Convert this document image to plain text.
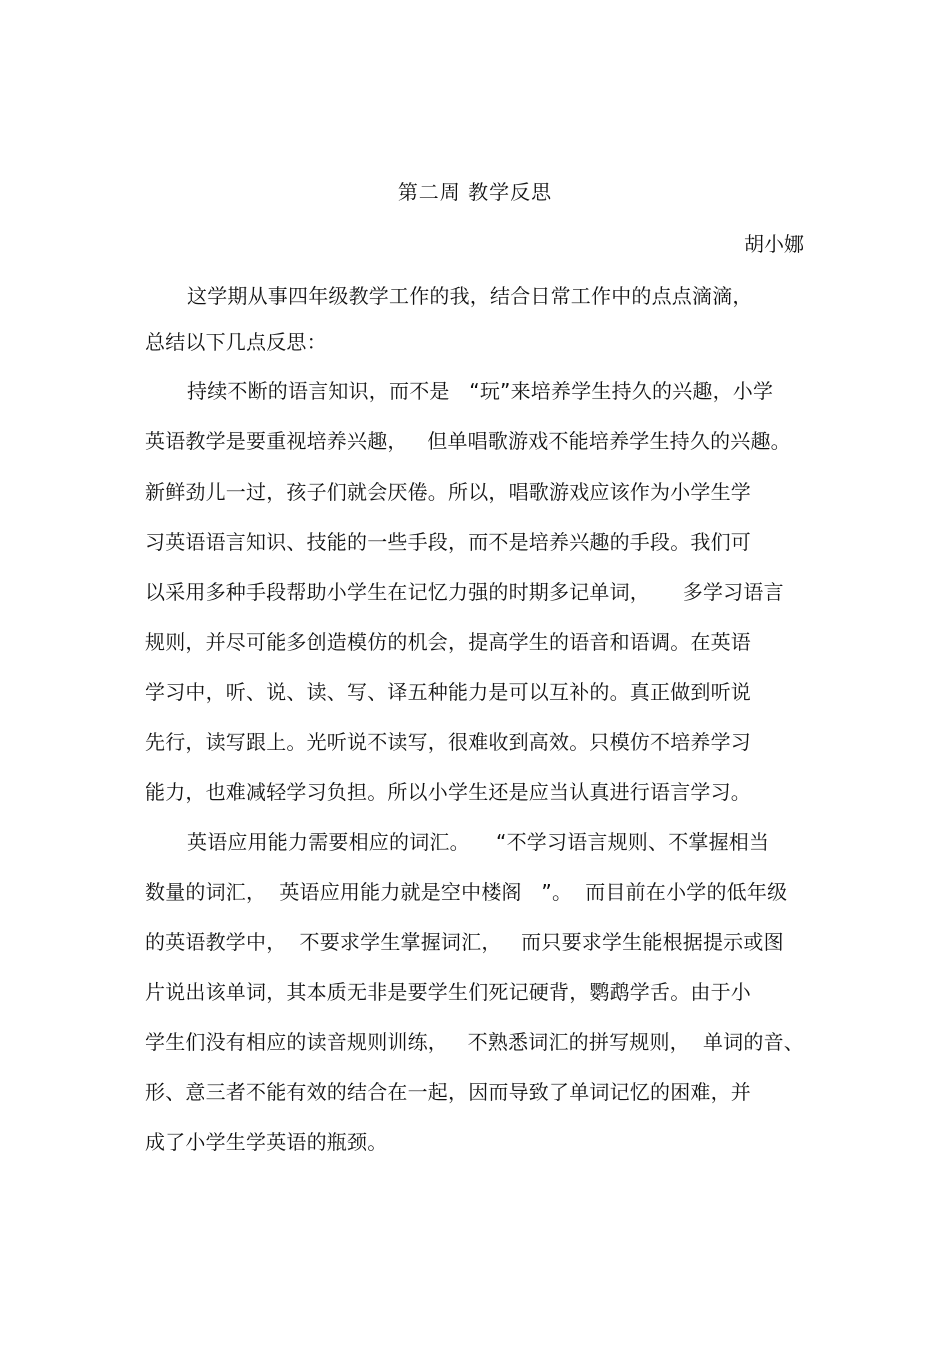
第二周 教学反思
胡小娜
这学期从事四年级教学工作的我，结合日常工作中的点点滴滴，
总结以下几点反思：
持续不断的语言知识，而不是   “玩”来培养学生持久的兴趣，小学
英语教学是要重视培养兴趣，   但单唱歌游戏不能培养学生持久的兴趣。
新鲜劲儿一过，孩子们就会厌倦。所以，唱歌游戏应该作为小学生学
习英语语言知识、技能的一些手段，而不是培养兴趣的手段。我们可
以采用多种手段帮助小学生在记忆力强的时期多记单词，     多学习语言
规则，并尽可能多创造模仿的机会，提高学生的语音和语调。在英语
学习中，听、说、读、写、译五种能力是可以互补的。真正做到听说
先行，读写跟上。光听说不读写，很难收到高效。只模仿不培养学习
能力，也难减轻学习负担。所以小学生还是应当认真进行语言学习。
英语应用能力需要相应的词汇。    “不学习语言规则、不掌握相当
数量的词汇，  英语应用能力就是空中楼阁   ”。  而目前在小学的低年级
的英语教学中，  不要求学生掌握词汇，   而只要求学生能根据提示或图
片说出该单词，其本质无非是要学生们死记硬背，鹦鹉学舌。由于小
学生们没有相应的读音规则训练，   不熟悉词汇的拼写规则，  单词的音、
形、意三者不能有效的结合在一起，因而导致了单词记忆的困难，并
成了小学生学英语的瓶颈。
